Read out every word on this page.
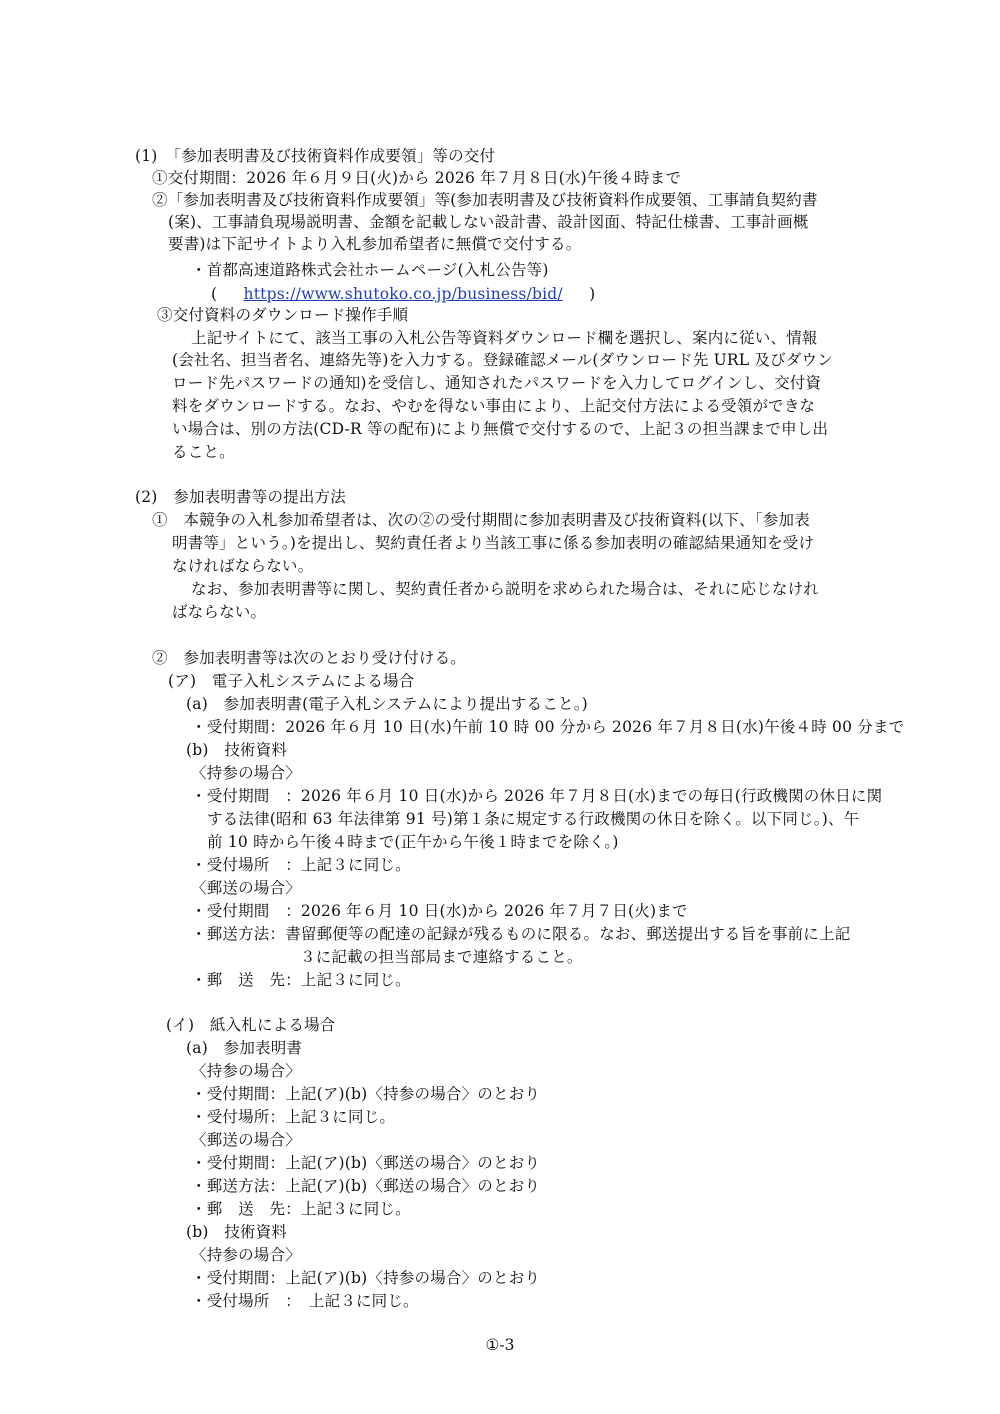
(1)　「参加表明書及び技術資料作成要領」等の交付
①交付期間：2026 年６月９日(火)から 2026 年７月８日(水)午後４時まで
②「参加表明書及び技術資料作成要領」等(参加表明書及び技術資料作成要領、工事請負契約書
(案)、工事請負現場説明書、金額を記載しない設計書、設計図面、特記仕様書、工事計画概
要書)は下記サイトより入札参加希望者に無償で交付する。
・首都高速道路株式会社ホームページ(入札公告等)
( https://www.shutoko.co.jp/business/bid/ )
③交付資料のダウンロード操作手順
上記サイトにて、該当工事の入札公告等資料ダウンロード欄を選択し、案内に従い、情報
(会社名、担当者名、連絡先等)を入力する。登録確認メール(ダウンロード先 URL 及びダウン
ロード先パスワードの通知)を受信し、通知されたパスワードを入力してログインし、交付資
料をダウンロードする。なお、やむを得ない事由により、上記交付方法による受領ができな
い場合は、別の方法(CD-R 等の配布)により無償で交付するので、上記３の担当課まで申し出
ること。
(2)　参加表明書等の提出方法
①　本競争の入札参加希望者は、次の②の受付期間に参加表明書及び技術資料(以下、「参加表
明書等」という。)を提出し、契約責任者より当該工事に係る参加表明の確認結果通知を受け
なければならない。
なお、参加表明書等に関し、契約責任者から説明を求められた場合は、それに応じなけれ
ばならない。
②　参加表明書等は次のとおり受け付ける。
(ア)　電子入札システムによる場合
(a)　参加表明書(電子入札システムにより提出すること。)
・受付期間：2026 年６月 10 日(水)午前 10 時 00 分から 2026 年７月８日(水)午後４時 00 分まで
(b)　技術資料
〈持参の場合〉
・受付期間　：2026 年６月 10 日(水)から 2026 年７月８日(水)までの毎日(行政機関の休日に関
する法律(昭和 63 年法律第 91 号)第１条に規定する行政機関の休日を除く。以下同じ。)、午
前 10 時から午後４時まで(正午から午後１時までを除く。)
・受付場所　：上記３に同じ。
〈郵送の場合〉
・受付期間　：2026 年６月 10 日(水)から 2026 年７月７日(火)まで
・郵送方法：書留郵便等の配達の記録が残るものに限る。なお、郵送提出する旨を事前に上記
３に記載の担当部局まで連絡すること。
・郵　送　先：上記３に同じ。
(イ)　紙入札による場合
(a)　参加表明書
〈持参の場合〉
・受付期間：上記(ア)(b)〈持参の場合〉のとおり
・受付場所：上記３に同じ。
〈郵送の場合〉
・受付期間：上記(ア)(b)〈郵送の場合〉のとおり
・郵送方法：上記(ア)(b)〈郵送の場合〉のとおり
・郵　送　先：上記３に同じ。
(b)　技術資料
〈持参の場合〉
・受付期間：上記(ア)(b)〈持参の場合〉のとおり
・受付場所　：　上記３に同じ。
①-3
